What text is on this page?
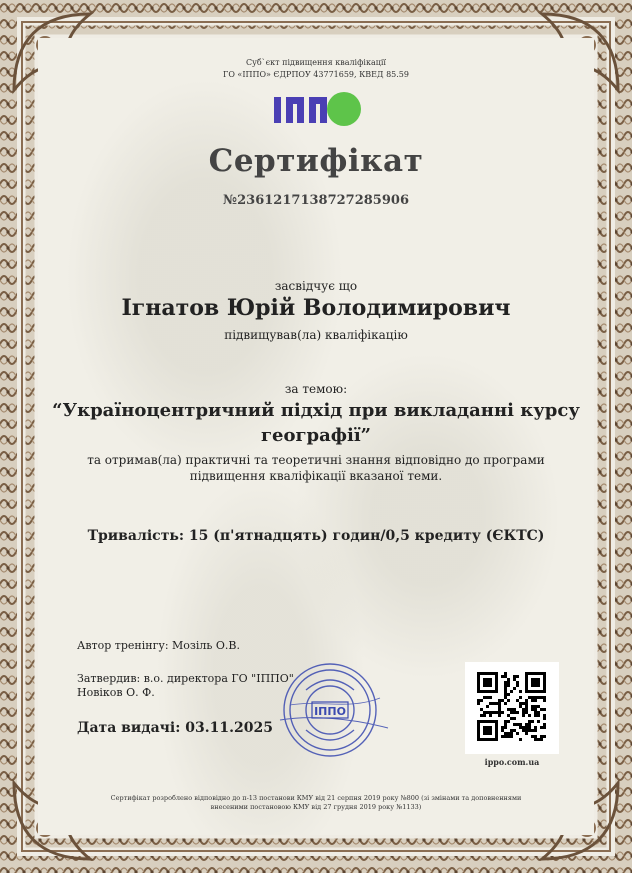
Суб`єкт підвищення кваліфікації
ГО «ІППО» ЄДРПОУ 43771659, КВЕД 85.59
Сертифікат
№2361217138727285906
засвідчує що
Ігнатов Юрій Володимирович
підвищував(ла) кваліфікацію
за темою:
“Україноцентричний підхід при викладанні курсу
географії”
та отримав(ла) практичні та теоретичні знання відповідно до програми
підвищення кваліфікації вказаної теми.
Тривалість: 15 (п'ятнадцять) годин/0,5 кредиту (ЄКТС)
Автор тренінгу: Мозіль О.В.
Затвердив: в.о. директора ГО "ІППО"
Новіков О. Ф.
Дата видачі: 03.11.2025
ІППО
ippo.com.ua
Сертифікат розроблено відповідно до п-13 постанови КМУ від 21 серпня 2019 року №800 (зі змінами та доповненнями
внесеними постановою КМУ від 27 грудня 2019 року №1133)
